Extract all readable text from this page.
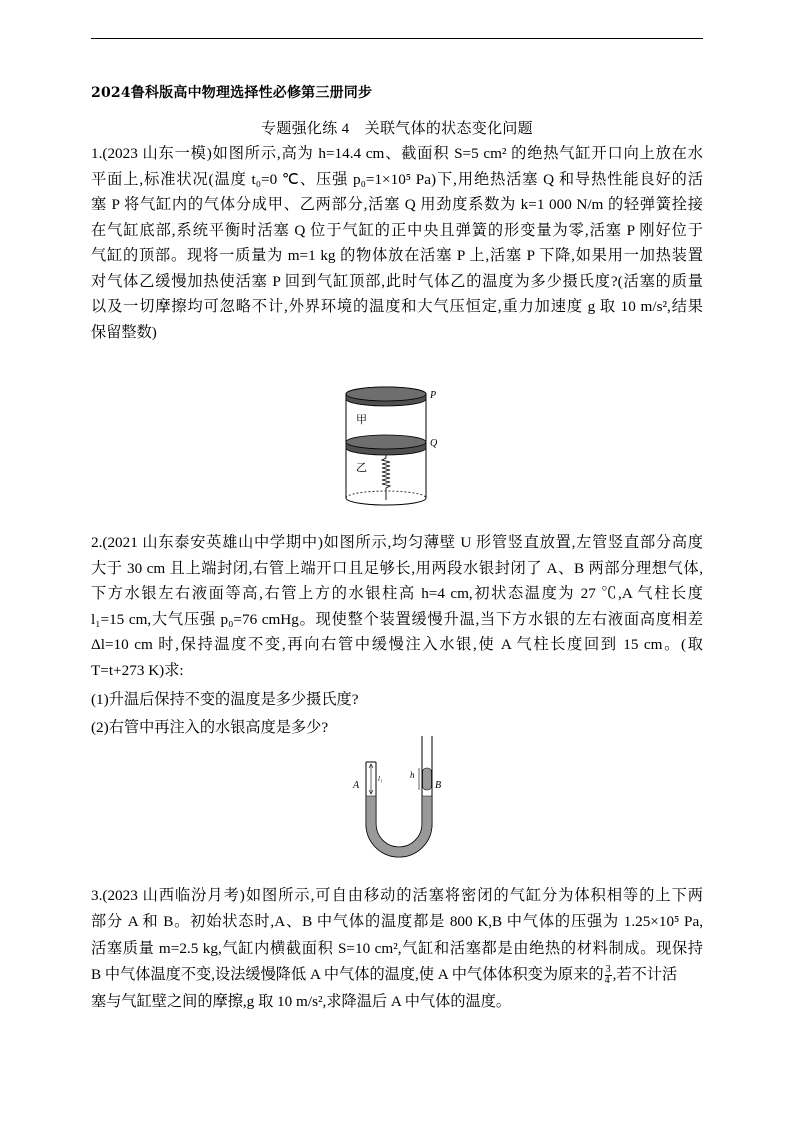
2024鲁科版高中物理选择性必修第三册同步
专题强化练 4　关联气体的状态变化问题
1.(2023 山东一模)如图所示,高为 h=14.4 cm、截面积 S=5 cm² 的绝热气缸开口向上放在水
平面上,标准状况(温度 t₀=0 ℃、压强 p₀=1×10⁵ Pa)下,用绝热活塞 Q 和导热性能良好的活
塞 P 将气缸内的气体分成甲、乙两部分,活塞 Q 用劲度系数为 k=1 000 N/m 的轻弹簧拴接
在气缸底部,系统平衡时活塞 Q 位于气缸的正中央且弹簧的形变量为零,活塞 P 刚好位于
气缸的顶部。现将一质量为 m=1 kg 的物体放在活塞 P 上,活塞 P 下降,如果用一加热装置
对气体乙缓慢加热使活塞 P 回到气缸顶部,此时气体乙的温度为多少摄氏度?(活塞的质量
以及一切摩擦均可忽略不计,外界环境的温度和大气压恒定,重力加速度 g 取 10 m/s²,结果
保留整数)
P
Q
甲
乙
2.(2021 山东泰安英雄山中学期中)如图所示,均匀薄壁 U 形管竖直放置,左管竖直部分高度
大于 30 cm 且上端封闭,右管上端开口且足够长,用两段水银封闭了 A、B 两部分理想气体,
下方水银左右液面等高,右管上方的水银柱高 h=4 cm,初状态温度为 27 ℃,A 气柱长度
l₁=15 cm,大气压强 p₀=76 cmHg。现使整个装置缓慢升温,当下方水银的左右液面高度相差
Δl=10 cm 时,保持温度不变,再向右管中缓慢注入水银,使 A 气柱长度回到 15 cm。(取
T=t+273 K)求:
(1)升温后保持不变的温度是多少摄氏度?
(2)右管中再注入的水银高度是多少?
A	B
h
l₁
3.(2023 山西临汾月考)如图所示,可自由移动的活塞将密闭的气缸分为体积相等的上下两
部分 A 和 B。初始状态时,A、B 中气体的温度都是 800 K,B 中气体的压强为 1.25×10⁵ Pa,
活塞质量 m=2.5 kg,气缸内横截面积 S=10 cm²,气缸和活塞都是由绝热的材料制成。现保持
B 中气体温度不变,设法缓慢降低 A 中气体的温度,使 A 中气体体积变为原来的 $\frac{3}{4}$ ,若不计活
塞与气缸壁之间的摩擦,g 取 10 m/s²,求降温后 A 中气体的温度。
